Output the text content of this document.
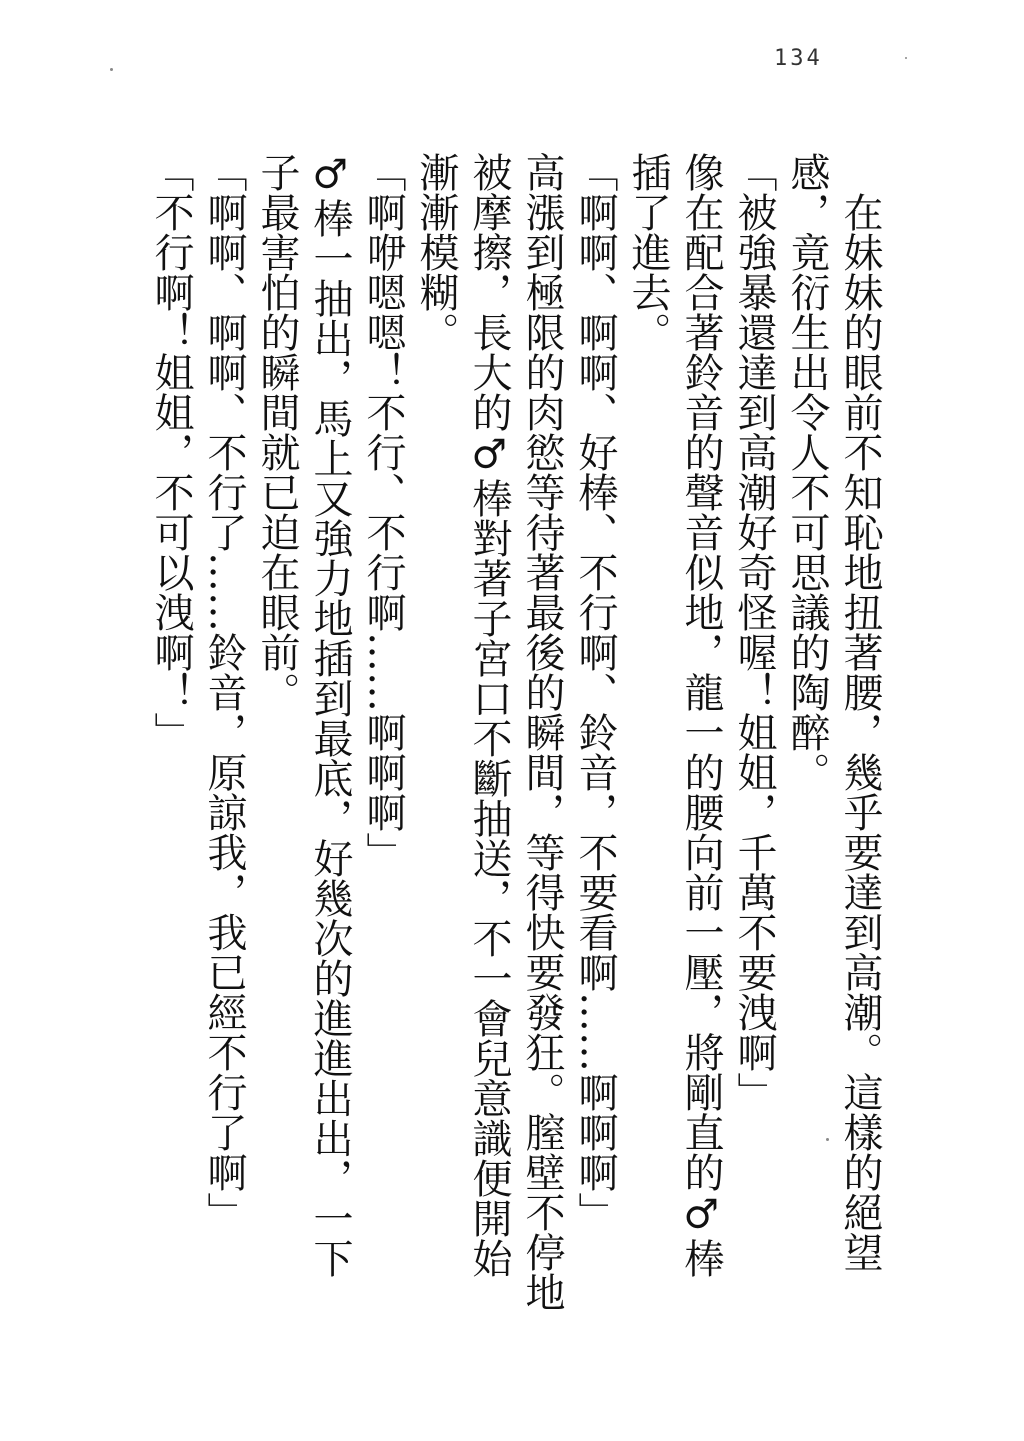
134

在妹妹的眼前不知恥地扭著腰，幾乎要達到高潮。這樣的絕望感，竟衍生出令人不可思議的陶醉。

「被強暴還達到高潮好奇怪喔！姐姐，千萬不要洩啊」

像在配合著鈴音的聲音似地，龍一的腰向前一壓，將剛直的♂棒插了進去。

「啊啊、啊啊、好棒、不行啊、鈴音，不要看啊……啊啊啊」

高漲到極限的肉慾等待著最後的瞬間，等得快要發狂。膣壁不停地被摩擦，長大的♂棒對著子宮口不斷抽送，不一會兒意識便開始漸漸模糊。

「啊咿嗯嗯！不行、不行啊……啊啊啊」

♂棒一抽出，馬上又強力地插到最底，好幾次的進進出出，一下子最害怕的瞬間就已迫在眼前。

「啊啊、啊啊、不行了……鈴音，原諒我，我已經不行了啊」

「不行啊！姐姐，不可以洩啊！」
